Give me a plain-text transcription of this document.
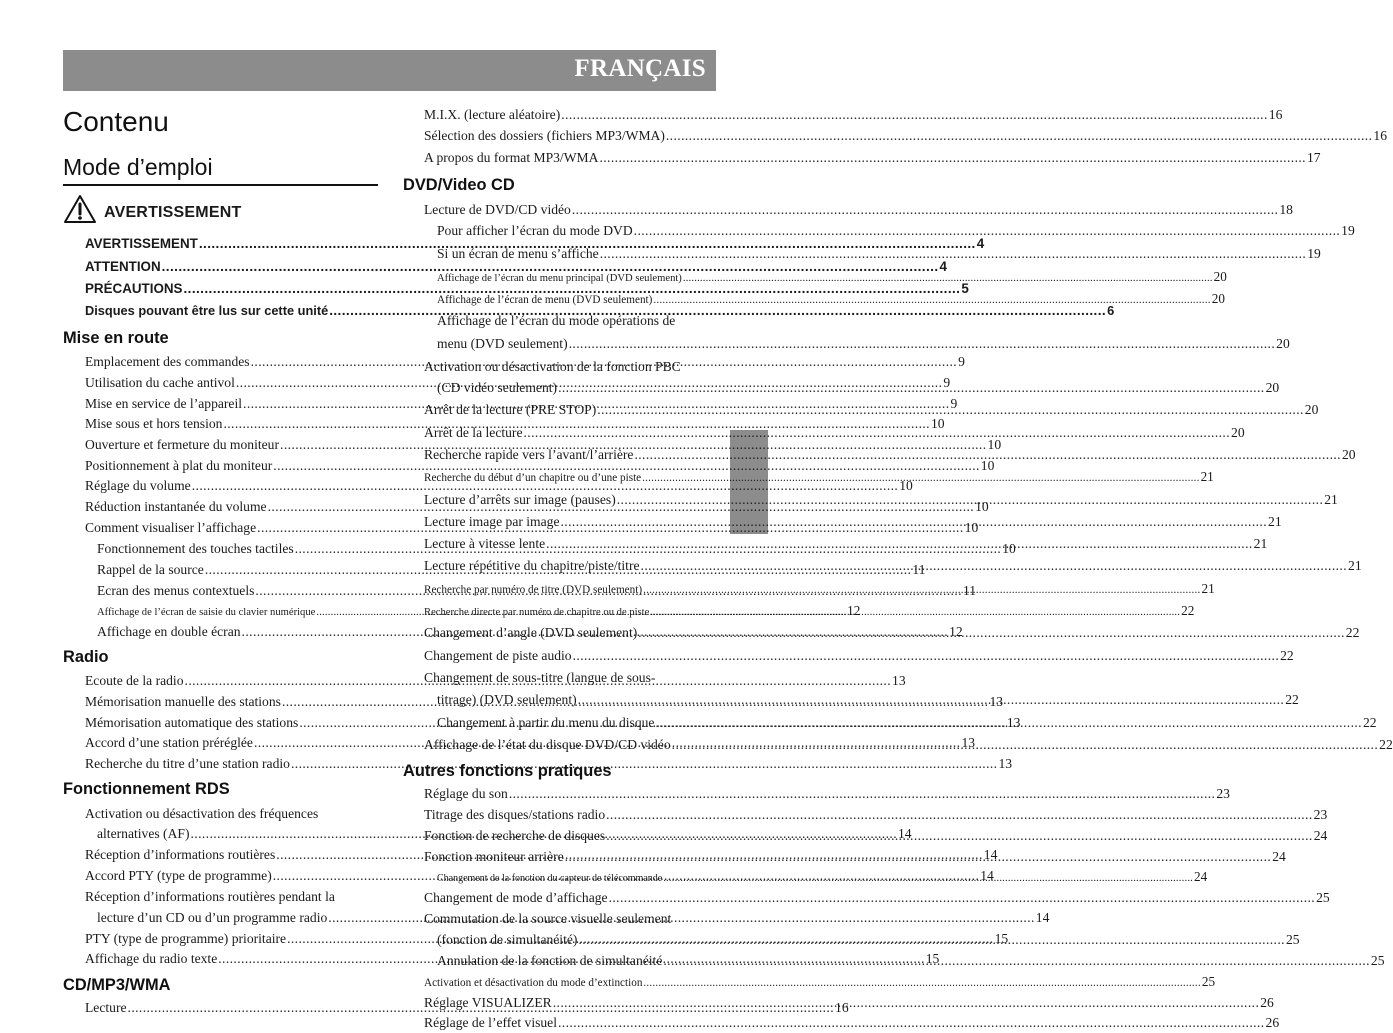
FRANÇAIS
Contenu
Mode d’emploi
AVERTISSEMENT
Mise en route
Radio
Fonctionnement RDS
CD/MP3/WMA
DVD/Video CD
Autres fonctions pratiques
AVERTISSEMENT .....	4
ATTENTION .....	4
PRÉCAUTIONS .....	5
Disques pouvant être lus sur cette unité .....	6
Emplacement des commandes .....	9
Utilisation du cache antivol .....	9
Mise en service de l’appareil .....	9
Mise sous et hors tension .....	10
Ouverture et fermeture du moniteur .....	10
Positionnement à plat du moniteur .....	10
Réglage du volume .....	10
Réduction instantanée du volume .....	10
Comment visualiser l’affichage .....	10
Fonctionnement des touches tactiles .....	10
Rappel de la source .....	11
Ecran des menus contextuels .....	11
Affichage de l’écran de saisie du clavier numérique .....	12
Affichage en double écran .....	12
Ecoute de la radio .....	13
Mémorisation manuelle des stations .....	13
Mémorisation automatique des stations .....	13
Accord d’une station préréglée .....	13
Recherche du titre d’une station radio .....	13
Activation ou désactivation des fréquences
alternatives (AF) .....	14
Réception d’informations routières .....	14
Accord PTY (type de programme) .....	14
Réception d’informations routières pendant la
lecture d’un CD ou d’un programme radio .....	14
PTY (type de programme) prioritaire .....	15
Affichage du radio texte .....	15
Lecture .....	16
M.I.X. (lecture aléatoire) .....	16
Sélection des dossiers (fichiers MP3/WMA) .....	16
A propos du format MP3/WMA .....	17
Lecture de DVD/CD vidéo .....	18
Pour afficher l’écran du mode DVD .....	19
Si un écran de menu s’affiche .....	19
Affichage de l’écran du menu principal (DVD seulement) .....	20
Affichage de l’écran de menu (DVD seulement) .....	20
Affichage de l’écran du mode opérations de
menu (DVD seulement) .....	20
Activation ou désactivation de la fonction PBC
(CD vidéo seulement) .....	20
Arrêt de la lecture (PRE STOP) .....	20
Arrêt de la lecture .....	20
Recherche rapide vers l’avant/l’arrière .....	20
Recherche du début d’un chapitre ou d’une piste .....	21
Lecture d’arrêts sur image (pauses) .....	21
Lecture image par image .....	21
Lecture à vitesse lente .....	21
Lecture répétitive du chapitre/piste/titre .....	21
Recherche par numéro de titre (DVD seulement) .....	21
Recherche directe par numéro de chapitre ou de piste .....	22
Changement d’angle (DVD seulement) .....	22
Changement de piste audio .....	22
Changement de sous-titre (langue de sous-
titrage) (DVD seulement) .....	22
Changement à partir du menu du disque .....	22
Affichage de l’état du disque DVD/CD vidéo .....	22
Réglage du son .....	23
Titrage des disques/stations radio .....	23
Fonction de recherche de disques .....	24
Fonction moniteur arrière .....	24
Changement de la fonction du capteur de télécommande .....	24
Changement de mode d’affichage .....	25
Commutation de la source visuelle seulement
(fonction de simultanéité) .....	25
Annulation de la fonction de simultanéité .....	25
Activation et désactivation du mode d’extinction .....	25
Réglage VISUALIZER .....	26
Réglage de l’effet visuel .....	26
